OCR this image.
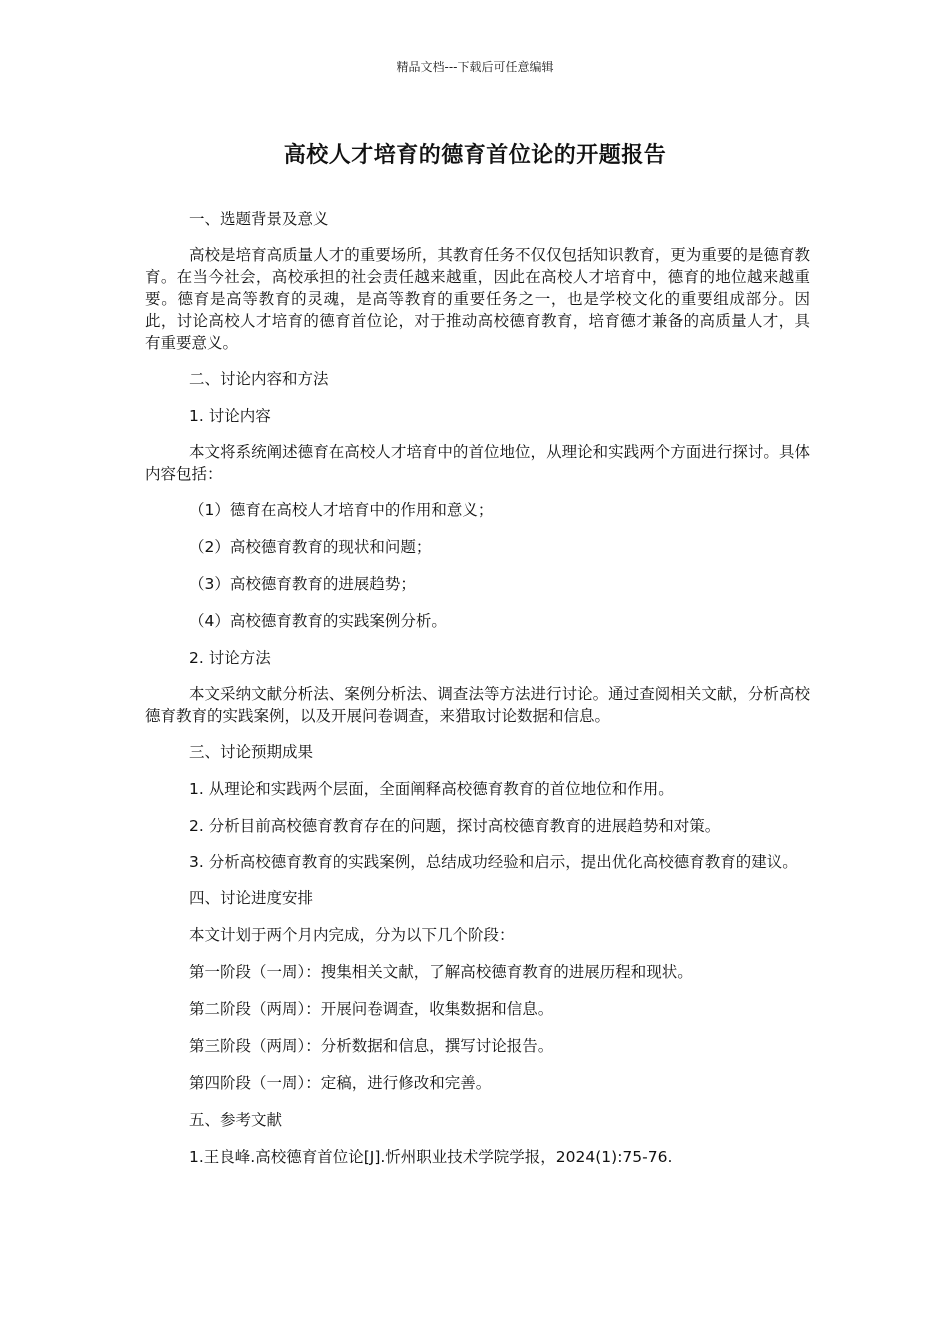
精品文档---下载后可任意编辑
高校人才培育的德育首位论的开题报告

一、选题背景及意义

高校是培育高质量人才的重要场所，其教育任务不仅仅包括知识教育，更为重要的是德育教育。在当今社会，高校承担的社会责任越来越重，因此在高校人才培育中，德育的地位越来越重要。德育是高等教育的灵魂，是高等教育的重要任务之一，也是学校文化的重要组成部分。因此，讨论高校人才培育的德育首位论，对于推动高校德育教育，培育德才兼备的高质量人才，具有重要意义。

二、讨论内容和方法

1. 讨论内容

本文将系统阐述德育在高校人才培育中的首位地位，从理论和实践两个方面进行探讨。具体内容包括：

（1）德育在高校人才培育中的作用和意义；

（2）高校德育教育的现状和问题；

（3）高校德育教育的进展趋势；

（4）高校德育教育的实践案例分析。

2. 讨论方法

本文采纳文献分析法、案例分析法、调查法等方法进行讨论。通过查阅相关文献，分析高校德育教育的实践案例，以及开展问卷调查，来猎取讨论数据和信息。

三、讨论预期成果

1. 从理论和实践两个层面，全面阐释高校德育教育的首位地位和作用。

2. 分析目前高校德育教育存在的问题，探讨高校德育教育的进展趋势和对策。

3. 分析高校德育教育的实践案例，总结成功经验和启示，提出优化高校德育教育的建议。

四、讨论进度安排

本文计划于两个月内完成，分为以下几个阶段：

第一阶段（一周）：搜集相关文献，了解高校德育教育的进展历程和现状。

第二阶段（两周）：开展问卷调查，收集数据和信息。

第三阶段（两周）：分析数据和信息，撰写讨论报告。

第四阶段（一周）：定稿，进行修改和完善。

五、参考文献

1.王良峰.高校德育首位论[J].忻州职业技术学院学报，2024(1):75-76.
